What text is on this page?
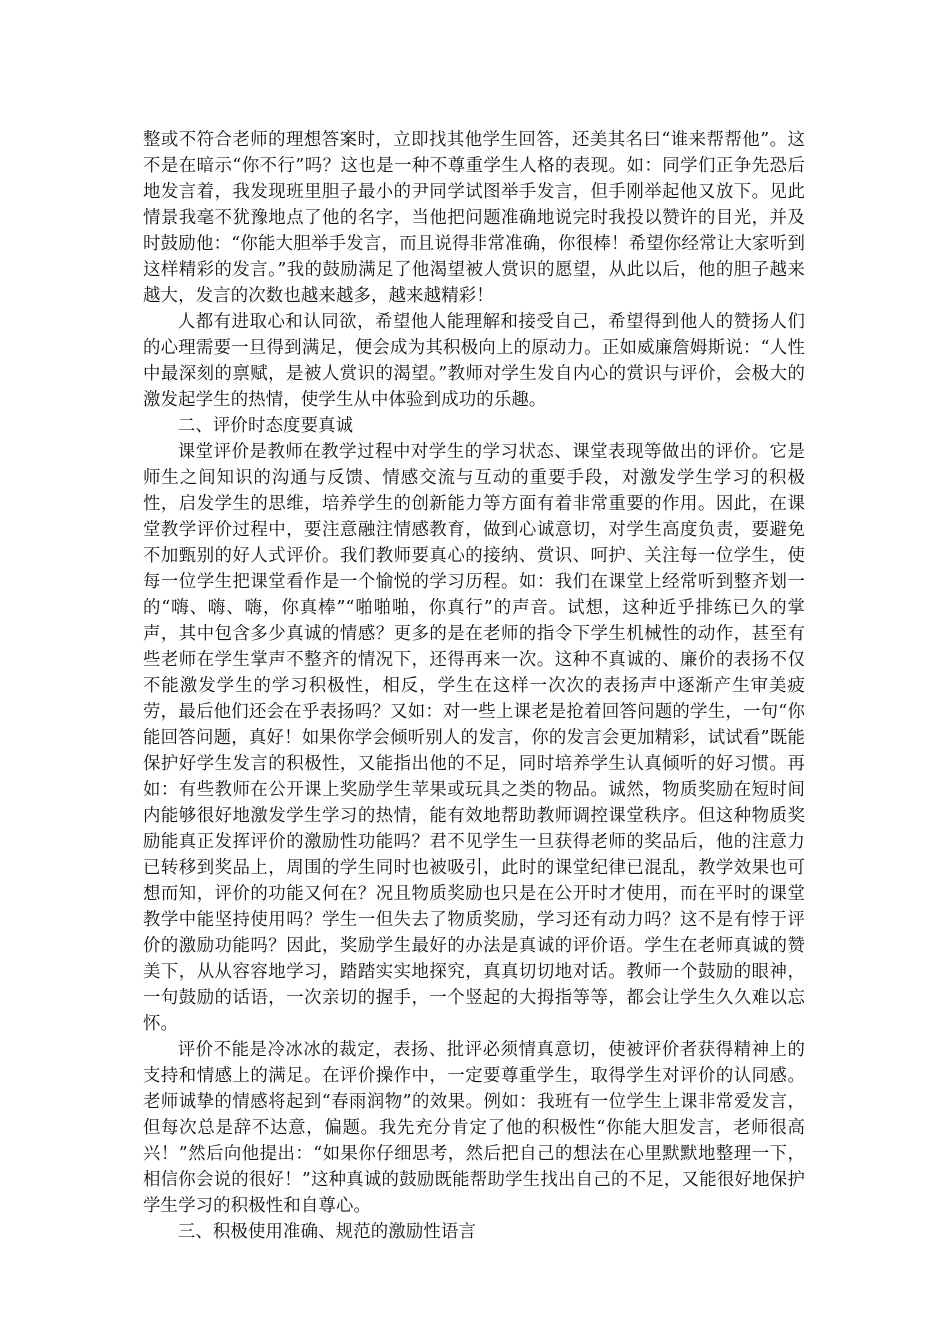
整或不符合老师的理想答案时，立即找其他学生回答，还美其名曰“谁来帮帮他”。这不是在暗示“你不行”吗？这也是一种不尊重学生人格的表现。如：同学们正争先恐后地发言着，我发现班里胆子最小的尹同学试图举手发言，但手刚举起他又放下。见此情景我毫不犹豫地点了他的名字，当他把问题准确地说完时我投以赞许的目光，并及时鼓励他：“你能大胆举手发言，而且说得非常准确，你很棒！希望你经常让大家听到这样精彩的发言。”我的鼓励满足了他渴望被人赏识的愿望，从此以后，他的胆子越来越大，发言的次数也越来越多，越来越精彩！

人都有进取心和认同欲，希望他人能理解和接受自己，希望得到他人的赞扬人们的心理需要一旦得到满足，便会成为其积极向上的原动力。正如威廉詹姆斯说：“人性中最深刻的禀赋，是被人赏识的渴望。”教师对学生发自内心的赏识与评价，会极大的激发起学生的热情，使学生从中体验到成功的乐趣。

二、评价时态度要真诚

课堂评价是教师在教学过程中对学生的学习状态、课堂表现等做出的评价。它是师生之间知识的沟通与反馈、情感交流与互动的重要手段，对激发学生学习的积极性，启发学生的思维，培养学生的创新能力等方面有着非常重要的作用。因此，在课堂教学评价过程中，要注意融注情感教育，做到心诚意切，对学生高度负责，要避免不加甄别的好人式评价。我们教师要真心的接纳、赏识、呵护、关注每一位学生，使每一位学生把课堂看作是一个愉悦的学习历程。如：我们在课堂上经常听到整齐划一的“嗨、嗨、嗨，你真棒”“啪啪啪，你真行”的声音。试想，这种近乎排练已久的掌声，其中包含多少真诚的情感？更多的是在老师的指令下学生机械性的动作，甚至有些老师在学生掌声不整齐的情况下，还得再来一次。这种不真诚的、廉价的表扬不仅不能激发学生的学习积极性，相反，学生在这样一次次的表扬声中逐渐产生审美疲劳，最后他们还会在乎表扬吗？又如：对一些上课老是抢着回答问题的学生，一句“你能回答问题，真好！如果你学会倾听别人的发言，你的发言会更加精彩，试试看”既能保护好学生发言的积极性，又能指出他的不足，同时培养学生认真倾听的好习惯。再如：有些教师在公开课上奖励学生苹果或玩具之类的物品。诚然，物质奖励在短时间内能够很好地激发学生学习的热情，能有效地帮助教师调控课堂秩序。但这种物质奖励能真正发挥评价的激励性功能吗？君不见学生一旦获得老师的奖品后，他的注意力已转移到奖品上，周围的学生同时也被吸引，此时的课堂纪律已混乱，教学效果也可想而知，评价的功能又何在？况且物质奖励也只是在公开时才使用，而在平时的课堂教学中能坚持使用吗？学生一但失去了物质奖励，学习还有动力吗？这不是有悖于评价的激励功能吗？因此，奖励学生最好的办法是真诚的评价语。学生在老师真诚的赞美下，从从容容地学习，踏踏实实地探究，真真切切地对话。教师一个鼓励的眼神，一句鼓励的话语，一次亲切的握手，一个竖起的大拇指等等，都会让学生久久难以忘怀。

评价不能是冷冰冰的裁定，表扬、批评必须情真意切，使被评价者获得精神上的支持和情感上的满足。在评价操作中，一定要尊重学生，取得学生对评价的认同感。老师诚挚的情感将起到“春雨润物”的效果。例如：我班有一位学生上课非常爱发言，但每次总是辞不达意，偏题。我先充分肯定了他的积极性“你能大胆发言，老师很高兴！”然后向他提出：“如果你仔细思考，然后把自己的想法在心里默默地整理一下，相信你会说的很好！”这种真诚的鼓励既能帮助学生找出自己的不足，又能很好地保护学生学习的积极性和自尊心。

三、积极使用准确、规范的激励性语言
